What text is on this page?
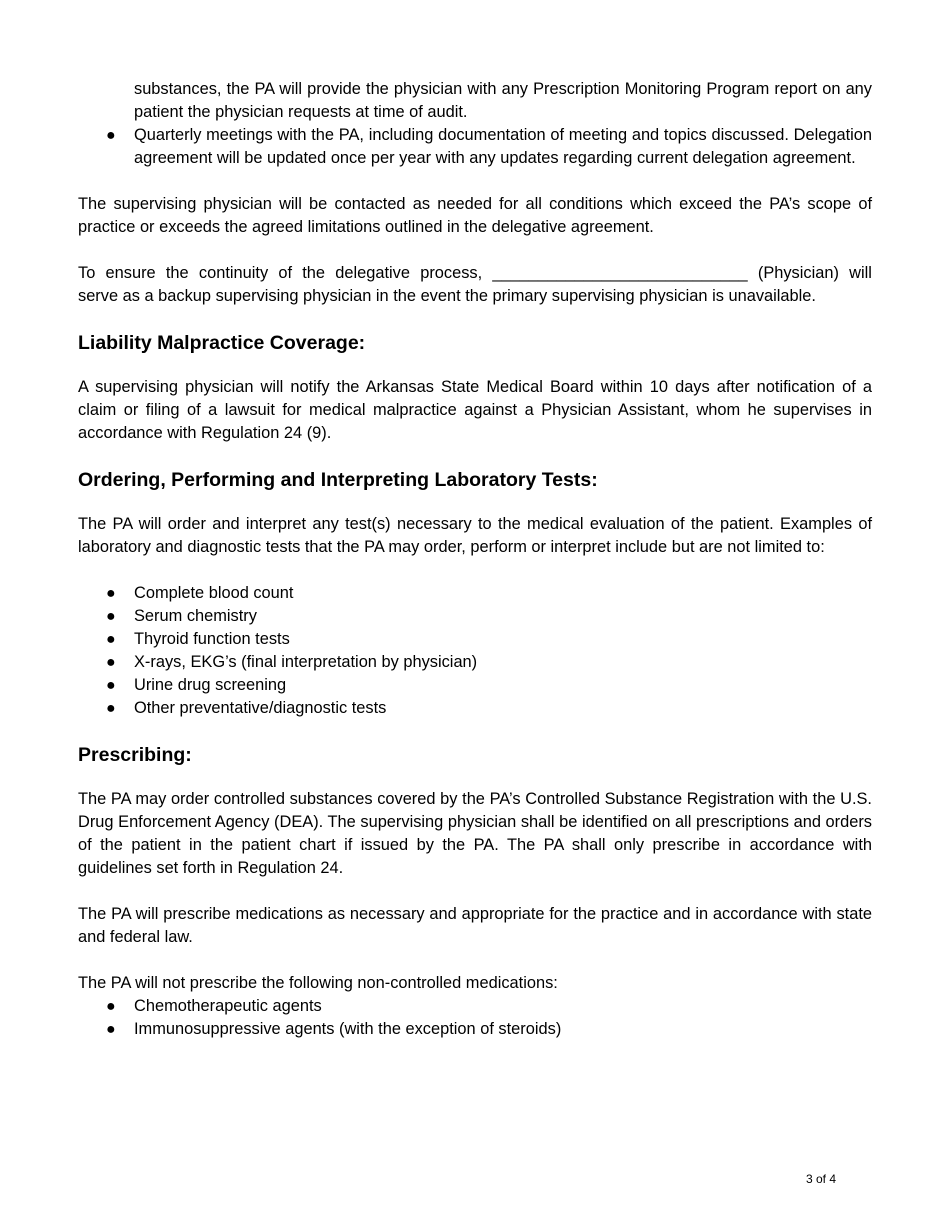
substances, the PA will provide the physician with any Prescription Monitoring Program report on any patient the physician requests at time of audit.

● Quarterly meetings with the PA, including documentation of meeting and topics discussed. Delegation agreement will be updated once per year with any updates regarding current delegation agreement.

The supervising physician will be contacted as needed for all conditions which exceed the PA’s scope of practice or exceeds the agreed limitations outlined in the delegative agreement.

To ensure the continuity of the delegative process, ____________________________ (Physician) will

serve as a backup supervising physician in the event the primary supervising physician is unavailable.

Liability Malpractice Coverage:

A supervising physician will notify the Arkansas State Medical Board within 10 days after notification of a claim or filing of a lawsuit for medical malpractice against a Physician Assistant, whom he supervises in accordance with Regulation 24 (9).

Ordering, Performing and Interpreting Laboratory Tests:

The PA will order and interpret any test(s) necessary to the medical evaluation of the patient. Examples of laboratory and diagnostic tests that the PA may order, perform or interpret include but are not limited to:

● Complete blood count
● Serum chemistry
● Thyroid function tests
● X-rays, EKG’s (final interpretation by physician)
● Urine drug screening
● Other preventative/diagnostic tests
Prescribing:

The PA may order controlled substances covered by the PA’s Controlled Substance Registration with the U.S. Drug Enforcement Agency (DEA). The supervising physician shall be identified on all prescriptions and orders of the patient in the patient chart if issued by the PA. The PA shall only prescribe in accordance with guidelines set forth in Regulation 24.

The PA will prescribe medications as necessary and appropriate for the practice and in accordance with state and federal law.

The PA will not prescribe the following non-controlled medications:

● Chemotherapeutic agents
● Immunosuppressive agents (with the exception of steroids)
3 of 4
